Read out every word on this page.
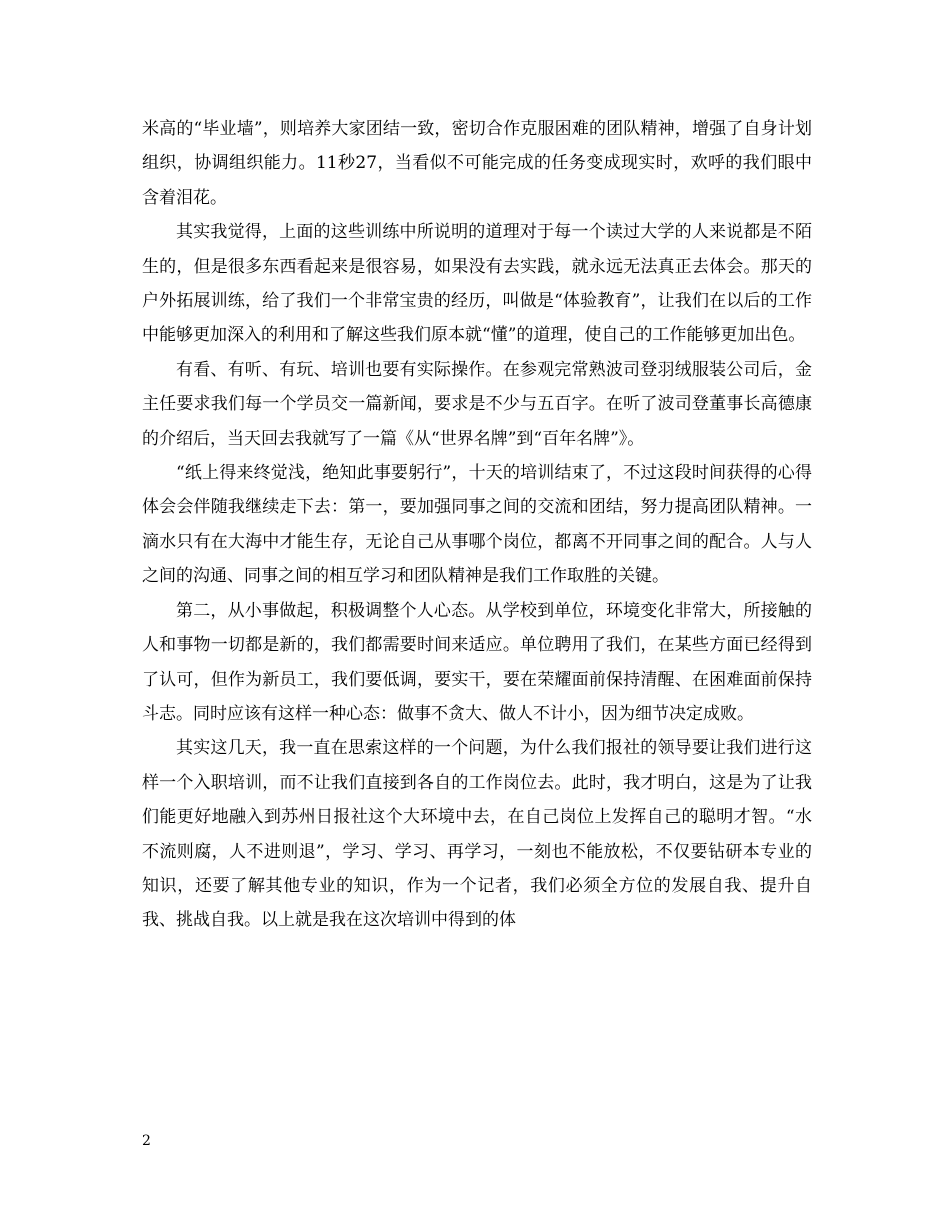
米高的“毕业墙”，则培养大家团结一致，密切合作克服困难的团队精神，增强了自身计划组织，协调组织能力。11秒27，当看似不可能完成的任务变成现实时，欢呼的我们眼中含着泪花。

其实我觉得，上面的这些训练中所说明的道理对于每一个读过大学的人来说都是不陌生的，但是很多东西看起来是很容易，如果没有去实践，就永远无法真正去体会。那天的户外拓展训练，给了我们一个非常宝贵的经历，叫做是“体验教育”，让我们在以后的工作中能够更加深入的利用和了解这些我们原本就“懂”的道理，使自己的工作能够更加出色。

有看、有听、有玩、培训也要有实际操作。在参观完常熟波司登羽绒服装公司后，金主任要求我们每一个学员交一篇新闻，要求是不少与五百字。在听了波司登董事长高德康的介绍后，当天回去我就写了一篇《从“世界名牌”到“百年名牌”》。

“纸上得来终觉浅，绝知此事要躬行”，十天的培训结束了，不过这段时间获得的心得体会会伴随我继续走下去：第一，要加强同事之间的交流和团结，努力提高团队精神。一滴水只有在大海中才能生存，无论自己从事哪个岗位，都离不开同事之间的配合。人与人之间的沟通、同事之间的相互学习和团队精神是我们工作取胜的关键。

第二，从小事做起，积极调整个人心态。从学校到单位，环境变化非常大，所接触的人和事物一切都是新的，我们都需要时间来适应。单位聘用了我们，在某些方面已经得到了认可，但作为新员工，我们要低调，要实干，要在荣耀面前保持清醒、在困难面前保持斗志。同时应该有这样一种心态：做事不贪大、做人不计小，因为细节决定成败。

其实这几天，我一直在思索这样的一个问题，为什么我们报社的领导要让我们进行这样一个入职培训，而不让我们直接到各自的工作岗位去。此时，我才明白，这是为了让我们能更好地融入到苏州日报社这个大环境中去，在自己岗位上发挥自己的聪明才智。“水不流则腐，人不进则退”，学习、学习、再学习，一刻也不能放松，不仅要钻研本专业的知识，还要了解其他专业的知识，作为一个记者，我们必须全方位的发展自我、提升自我、挑战自我。以上就是我在这次培训中得到的体

2
